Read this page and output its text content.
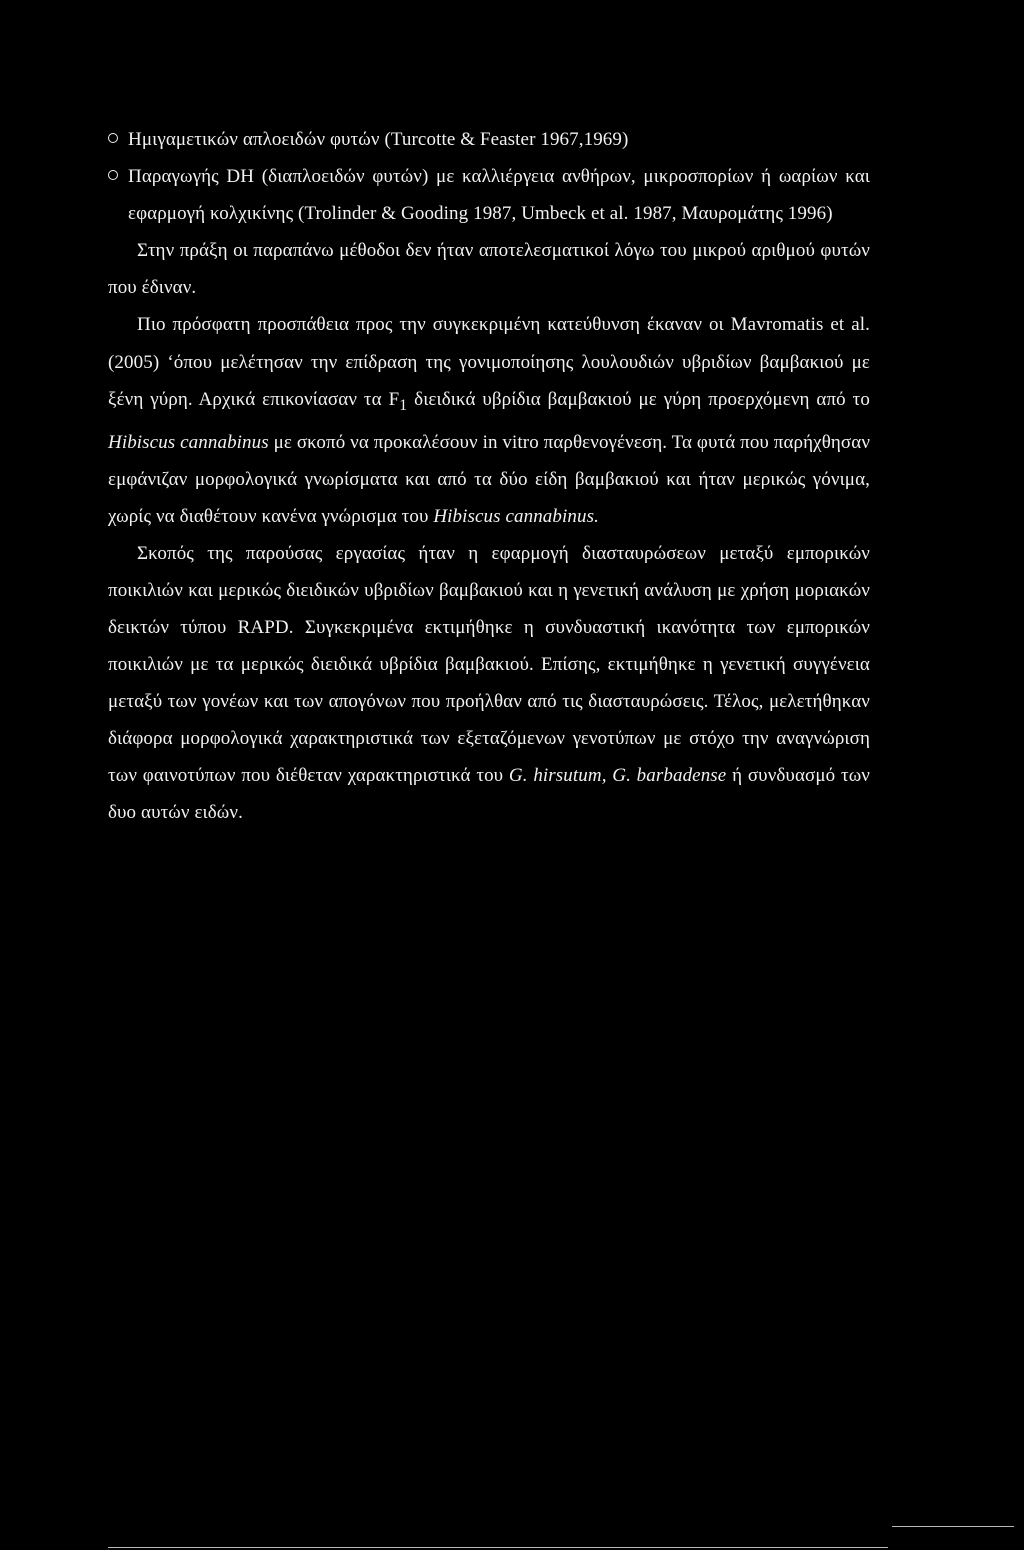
Ημιγαμετικών απλοειδών φυτών (Turcotte & Feaster 1967,1969)
Παραγωγής DH (διαπλοειδών φυτών) με καλλιέργεια ανθήρων, μικροσπορίων ή ωαρίων και εφαρμογή κολχικίνης (Trolinder & Gooding 1987, Umbeck et al. 1987, Μαυρομάτης 1996)

Στην πράξη οι παραπάνω μέθοδοι δεν ήταν αποτελεσματικοί λόγω του μικρού αριθμού φυτών που έδιναν.

Πιο πρόσφατη προσπάθεια προς την συγκεκριμένη κατεύθυνση έκαναν οι Mavromatis et al. (2005) ‘όπου μελέτησαν την επίδραση της γονιμοποίησης λουλουδιών υβριδίων βαμβακιού με ξένη γύρη. Αρχικά επικονίασαν τα $F_1$ διειδικά υβρίδια βαμβακιού με γύρη προερχόμενη από το Hibiscus cannabinus με σκοπό να προκαλέσουν in vitro παρθενογένεση. Τα φυτά που παρήχθησαν εμφάνιζαν μορφολογικά γνωρίσματα και από τα δύο είδη βαμβακιού και ήταν μερικώς γόνιμα, χωρίς να διαθέτουν κανένα γνώρισμα του Hibiscus cannabinus.

Σκοπός της παρούσας εργασίας ήταν η εφαρμογή διασταυρώσεων μεταξύ εμπορικών ποικιλιών και μερικώς διειδικών υβριδίων βαμβακιού και η γενετική ανάλυση με χρήση μοριακών δεικτών τύπου RAPD. Συγκεκριμένα εκτιμήθηκε η συνδυαστική ικανότητα των εμπορικών ποικιλιών με τα μερικώς διειδικά υβρίδια βαμβακιού. Επίσης, εκτιμήθηκε η γενετική συγγένεια μεταξύ των γονέων και των απογόνων που προήλθαν από τις διασταυρώσεις. Τέλος, μελετήθηκαν διάφορα μορφολογικά χαρακτηριστικά των εξεταζόμενων γενοτύπων με στόχο την αναγνώριση των φαινοτύπων που διέθεταν χαρακτηριστικά του G. hirsutum, G. barbadense ή συνδυασμό των δυο αυτών ειδών.
